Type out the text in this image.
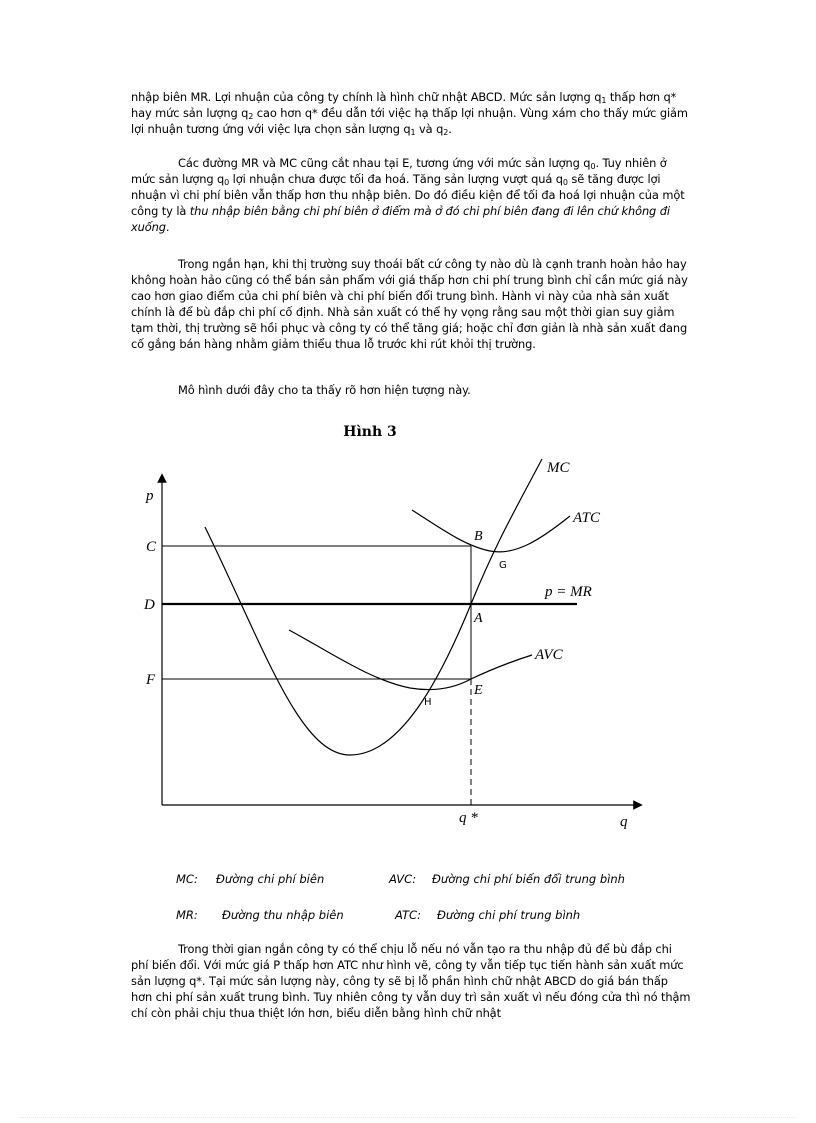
nhập biên MR. Lợi nhuận của công ty chính là hình chữ nhật ABCD. Mức sản lượng $q_1$ thấp hơn q* hay mức sản lượng $q_2$ cao hơn q* đều dẫn tới việc hạ thấp lợi nhuận. Vùng xám cho thấy mức giảm lợi nhuận tương ứng với việc lựa chọn sản lượng $q_1$ và $q_2$.

Các đường MR và MC cũng cắt nhau tại E, tương ứng với mức sản lượng $q_0$. Tuy nhiên ở mức sản lượng $q_0$ lợi nhuận chưa được tối đa hoá. Tăng sản lượng vượt quá $q_0$ sẽ tăng được lợi nhuận vì chi phí biên vẫn thấp hơn thu nhập biên. Do đó điều kiện để tối đa hoá lợi nhuận của một công ty là thu nhập biên bằng chi phí biên ở điểm mà ở đó chi phí biên đang đi lên chứ không đi xuống.

Trong ngắn hạn, khi thị trường suy thoái bất cứ công ty nào dù là cạnh tranh hoàn hảo hay không hoàn hảo cũng có thể bán sản phẩm với giá thấp hơn chi phí trung bình chỉ cần mức giá này cao hơn giao điểm của chi phí biên và chi phí biến đổi trung bình. Hành vi này của nhà sản xuất chính là để bù đắp chi phí cố định. Nhà sản xuất có thể hy vọng rằng sau một thời gian suy giảm tạm thời, thị trường sẽ hồi phục và công ty có thể tăng giá; hoặc chỉ đơn giản là nhà sản xuất đang cố gắng bán hàng nhằm giảm thiểu thua lỗ trước khi rút khỏi thị trường.

Mô hình dưới đây cho ta thấy rõ hơn hiện tượng này.

Hình 3
p
q
q *
C
D
F
B
A
E
G
H
MC
ATC
AVC
p = MR
MC: Đường chi phí biên	AVC: Đường chi phí biến đổi trung bình
MR: Đường thu nhập biên	ATC: Đường chi phí trung bình

Trong thời gian ngắn công ty có thể chịu lỗ nếu nó vẫn tạo ra thu nhập đủ để bù đắp chi phí biến đổi. Với mức giá P thấp hơn ATC như hình vẽ, công ty vẫn tiếp tục tiến hành sản xuất mức sản lượng q*. Tại mức sản lượng này, công ty sẽ bị lỗ phần hình chữ nhật ABCD do giá bán thấp hơn chi phí sản xuất trung bình. Tuy nhiên công ty vẫn duy trì sản xuất vì nếu đóng cửa thì nó thậm chí còn phải chịu thua thiệt lớn hơn, biểu diễn bằng hình chữ nhật
